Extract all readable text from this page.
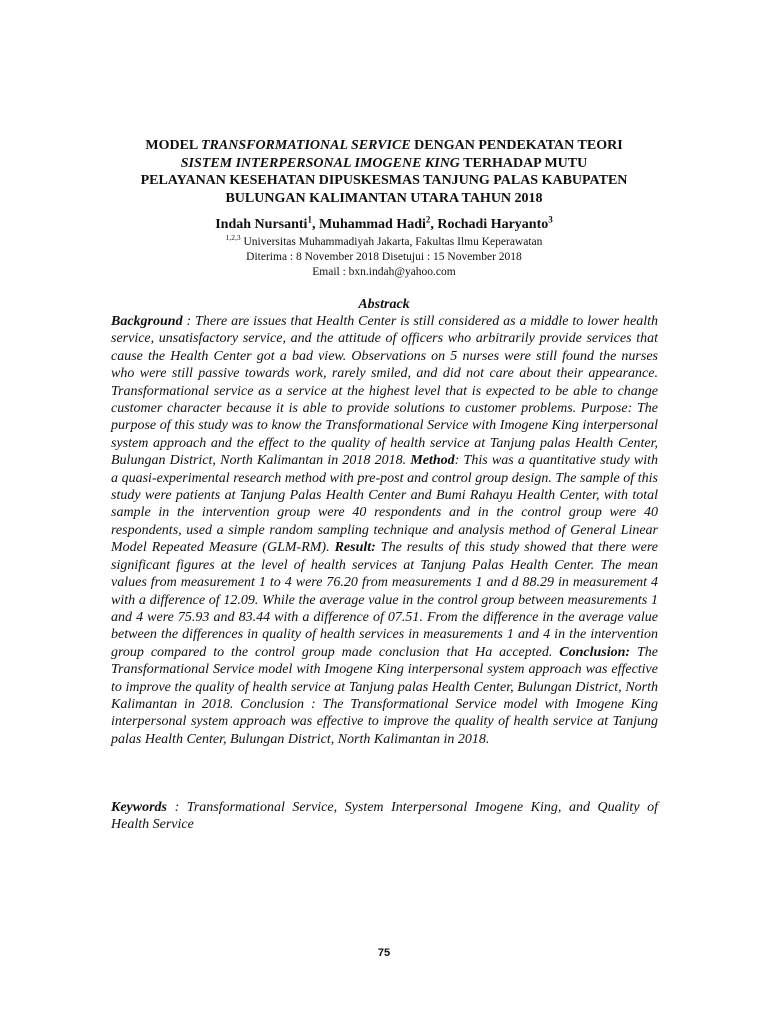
MODEL TRANSFORMATIONAL SERVICE DENGAN PENDEKATAN TEORI
SISTEM INTERPERSONAL IMOGENE KING TERHADAP MUTU
PELAYANAN KESEHATAN DIPUSKESMAS TANJUNG PALAS KABUPATEN
BULUNGAN KALIMANTAN UTARA TAHUN 2018
Indah Nursanti$^1$, Muhammad Hadi$^2$, Rochadi Haryanto$^3$
$^{1,2,3}$ Universitas Muhammadiyah Jakarta, Fakultas Ilmu Keperawatan
Diterima : 8 November 2018 Disetujui : 15 November 2018
Email : bxn.indah@yahoo.com
Abstrack

Background : There are issues that Health Center is still considered as a middle to lower health service, unsatisfactory service, and the attitude of officers who arbitrarily provide services that cause the Health Center got a bad view. Observations on 5 nurses were still found the nurses who were still passive towards work, rarely smiled, and did not care about their appearance. Transformational service as a service at the highest level that is expected to be able to change customer character because it is able to provide solutions to customer problems. Purpose: The purpose of this study was to know the Transformational Service with Imogene King interpersonal system approach and the effect to the quality of health service at Tanjung palas Health Center, Bulungan District, North Kalimantan in 2018 2018. Method: This was a quantitative study with a quasi-experimental research method with pre-post and control group design. The sample of this study were patients at Tanjung Palas Health Center and Bumi Rahayu Health Center, with total sample in the intervention group were 40 respondents and in the control group were 40 respondents, used a simple random sampling technique and analysis method of General Linear Model Repeated Measure (GLM-RM). Result: The results of this study showed that there were significant figures at the level of health services at Tanjung Palas Health Center. The mean values from measurement 1 to 4 were 76.20 from measurements 1 and d 88.29 in measurement 4 with a difference of 12.09. While the average value in the control group between measurements 1 and 4 were 75.93 and 83.44 with a difference of 07.51. From the difference in the average value between the differences in quality of health services in measurements 1 and 4 in the intervention group compared to the control group made conclusion that Ha accepted. Conclusion: The Transformational Service model with Imogene King interpersonal system approach was effective to improve the quality of health service at Tanjung palas Health Center, Bulungan District, North Kalimantan in 2018. Conclusion : The Transformational Service model with Imogene King interpersonal system approach was effective to improve the quality of health service at Tanjung palas Health Center, Bulungan District, North Kalimantan in 2018.

Keywords : Transformational Service, System Interpersonal Imogene King, and Quality of Health Service

75
